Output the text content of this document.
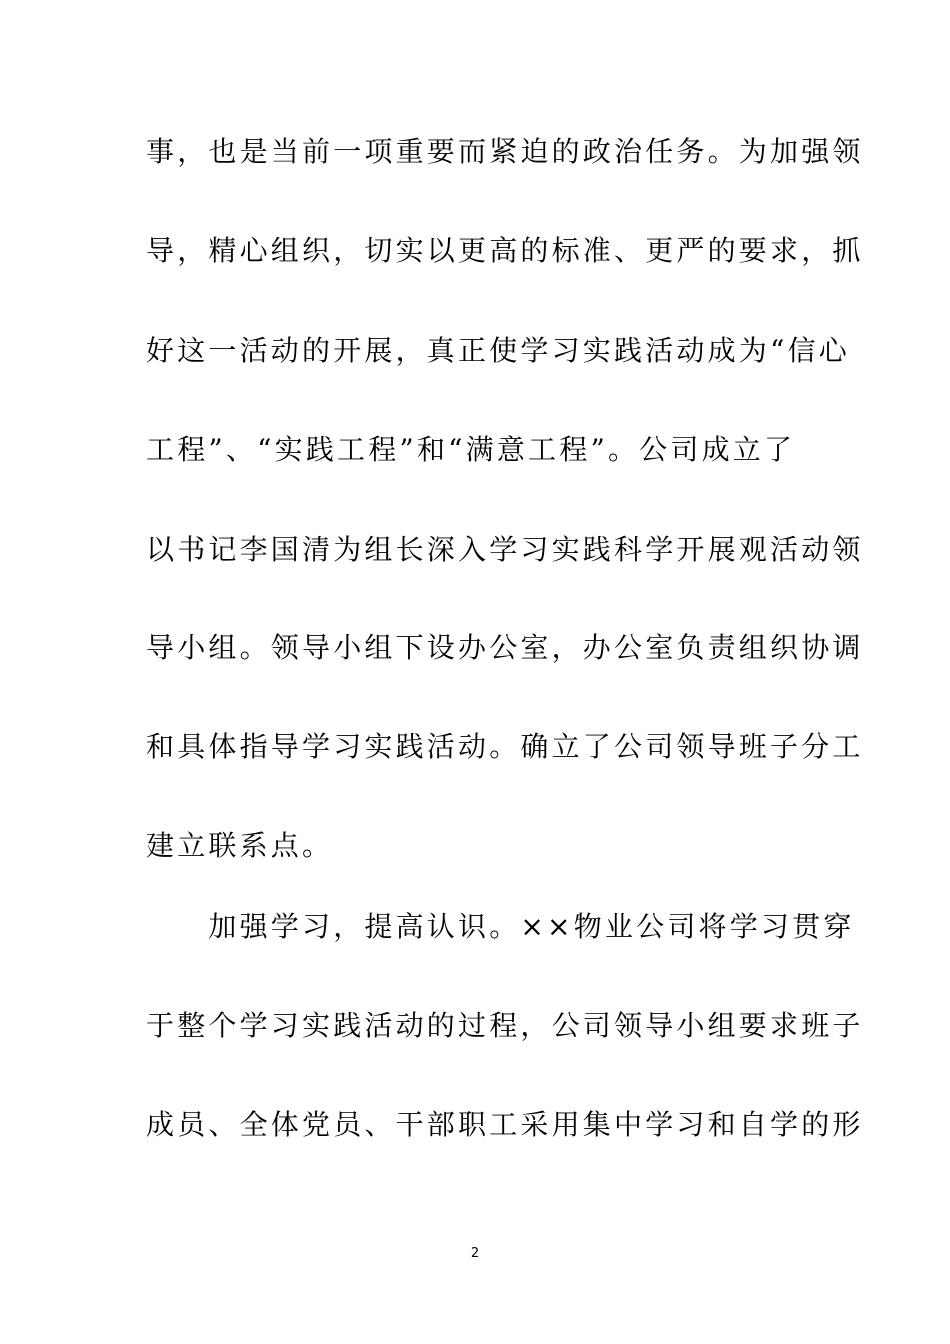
事，也是当前一项重要而紧迫的政治任务。为加强领
导，精心组织，切实以更高的标准、更严的要求，抓
好这一活动的开展，真正使学习实践活动成为“信心
工程”、“实践工程”和“满意工程”。公司成立了
以书记李国清为组长深入学习实践科学开展观活动领
导小组。领导小组下设办公室，办公室负责组织协调
和具体指导学习实践活动。确立了公司领导班子分工
建立联系点。
　　加强学习，提高认识。××物业公司将学习贯穿
于整个学习实践活动的过程，公司领导小组要求班子
成员、全体党员、干部职工采用集中学习和自学的形
2
